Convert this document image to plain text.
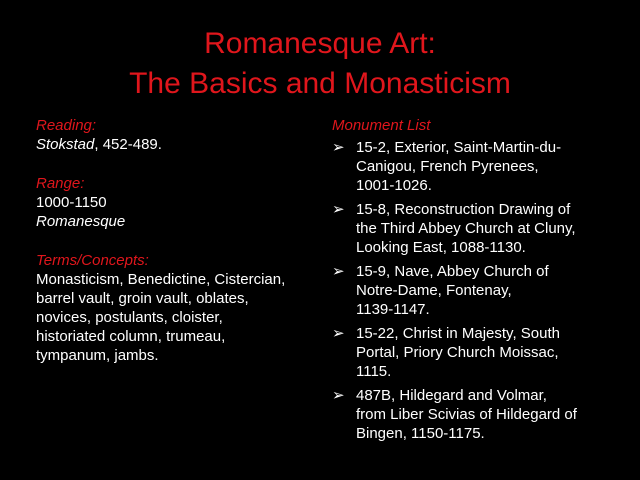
Romanesque Art:
The Basics and Monasticism
Reading:
Stokstad, 452-489.
Range:
1000-1150
Romanesque
Terms/Concepts:
Monasticism, Benedictine, Cistercian,
barrel vault, groin vault, oblates,
novices, postulants, cloister,
historiated column, trumeau,
tympanum, jambs.
Monument List
➢ 15-2, Exterior, Saint-Martin-du-
Canigou, French Pyrenees,
1001-1026.
➢ 15-8, Reconstruction Drawing of
the Third Abbey Church at Cluny,
Looking East, 1088-1130.
➢ 15-9, Nave, Abbey Church of
Notre-Dame, Fontenay,
1139-1147.
➢ 15-22, Christ in Majesty, South
Portal, Priory Church Moissac,
1115.
➢ 487B, Hildegard and Volmar,
from Liber Scivias of Hildegard of
Bingen, 1150-1175.
